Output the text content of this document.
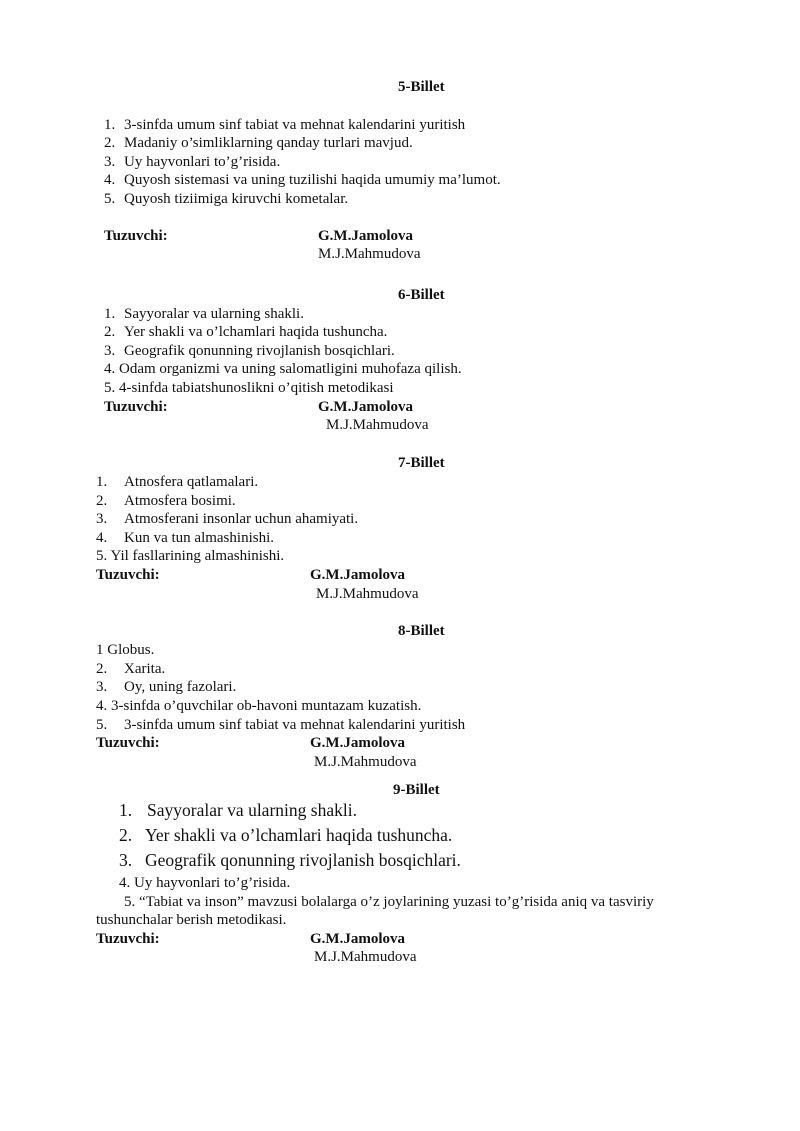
5-Billet
1. 3-sinfda umum sinf tabiat va mehnat kalendarini yuritish
2. Madaniy o’simliklarning qanday turlari mavjud.
3. Uy hayvonlari to’g’risida.
4. Quyosh sistemasi va uning tuzilishi haqida umumiy ma’lumot.
5. Quyosh tiziimiga kiruvchi kometalar.
Tuzuvchi:	G.M.Jamolova
M.J.Mahmudova
6-Billet
1. Sayyoralar va ularning shakli.
2. Yer shakli va o’lchamlari haqida tushuncha.
3. Geografik qonunning rivojlanish bosqichlari.
4. Odam organizmi va uning salomatligini muhofaza qilish.
5. 4-sinfda tabiatshunoslikni o’qitish metodikasi
Tuzuvchi:	G.M.Jamolova
M.J.Mahmudova
7-Billet
1. Atnosfera qatlamalari.
2. Atmosfera bosimi.
3. Atmosferani insonlar uchun ahamiyati.
4. Kun va tun almashinishi.
5. Yil fasllarining almashinishi.
Tuzuvchi:	G.M.Jamolova
M.J.Mahmudova
8-Billet
1 Globus.
2. Xarita.
3. Oy, uning fazolari.
4. 3-sinfda o’quvchilar ob-havoni muntazam kuzatish.
5. 3-sinfda umum sinf tabiat va mehnat kalendarini yuritish
Tuzuvchi:	G.M.Jamolova
M.J.Mahmudova
9-Billet
1. Sayyoralar va ularning shakli.
2. Yer shakli va o’lchamlari haqida tushuncha.
3. Geografik qonunning rivojlanish bosqichlari.
4. Uy hayvonlari to’g’risida.
5. “Tabiat va inson” mavzusi bolalarga o’z joylarining yuzasi to’g’risida aniq va tasviriy
tushunchalar berish metodikasi.
Tuzuvchi:	G.M.Jamolova
M.J.Mahmudova
